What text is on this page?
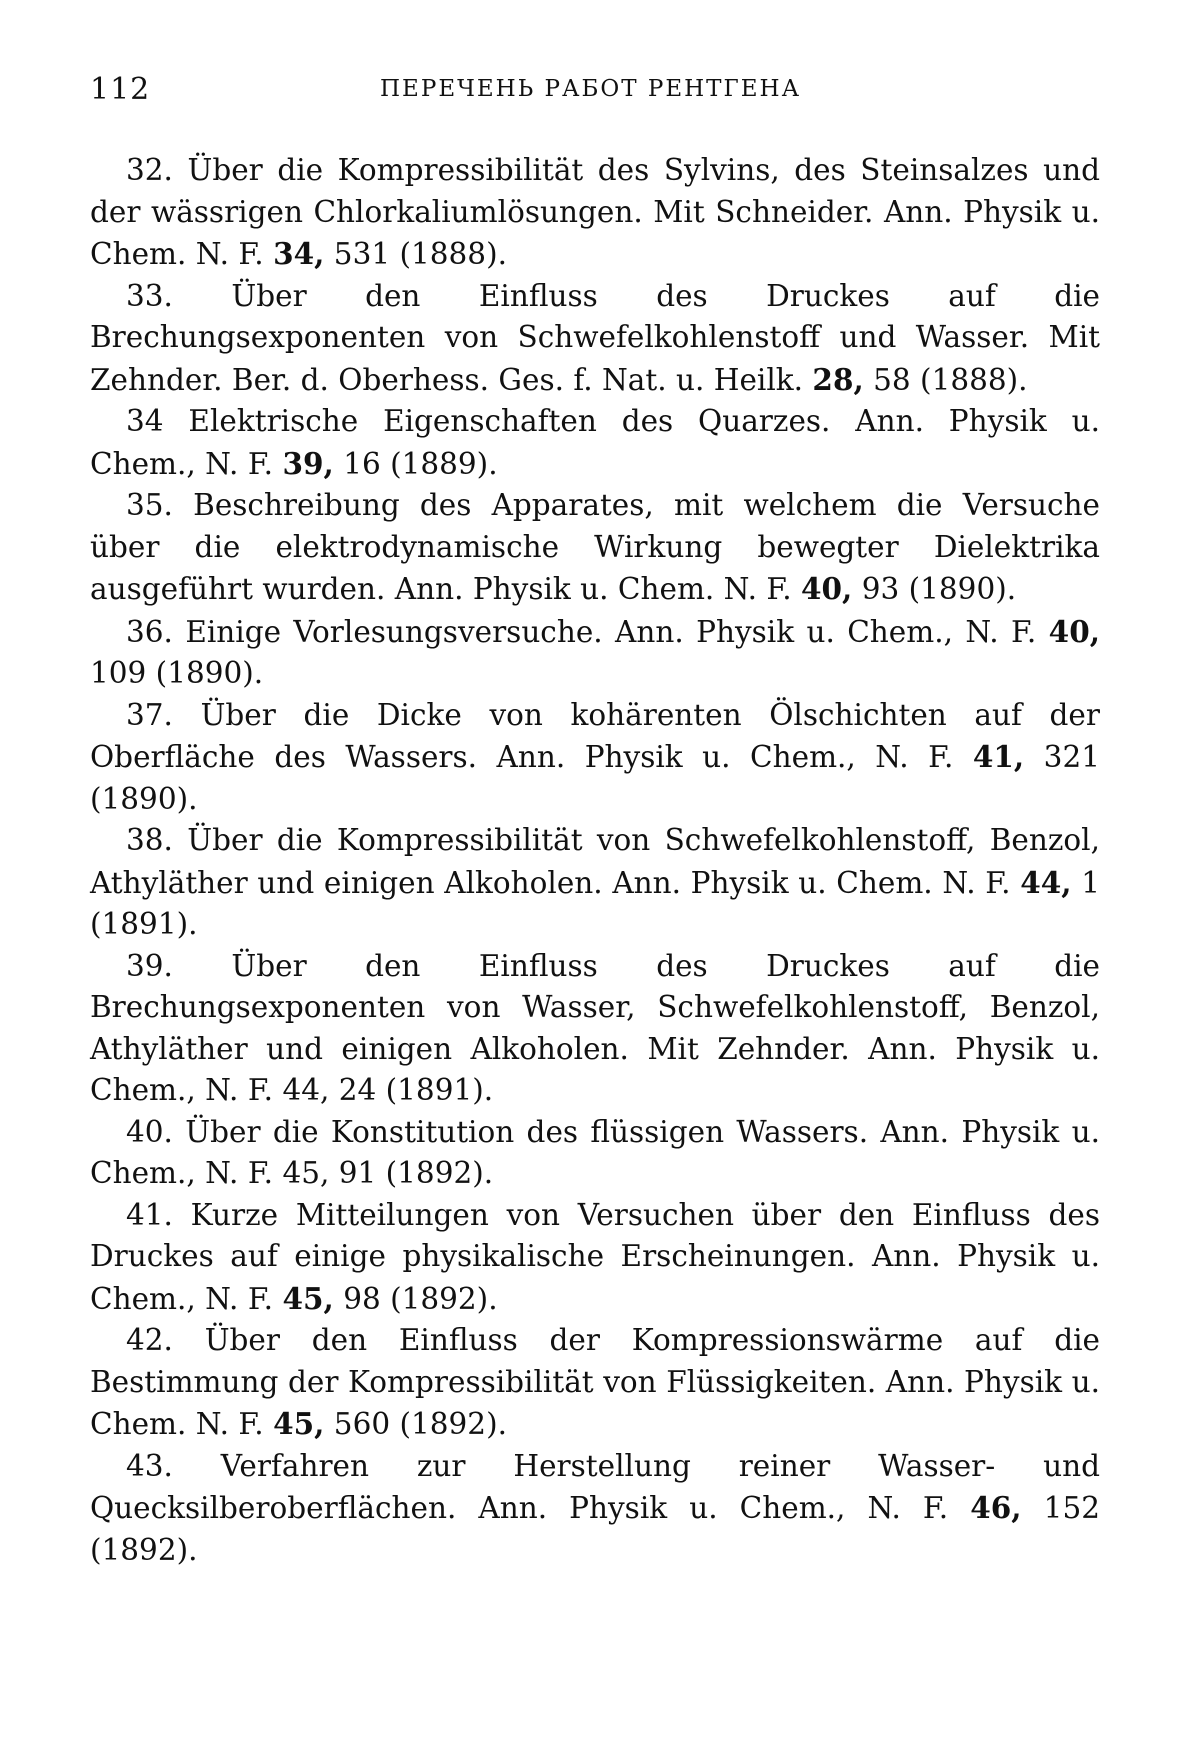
112	ПЕРЕЧЕНЬ РАБОТ РЕНТГЕНА

32. Über die Kompressibilität des Sylvins, des Steinsalzes und der wässrigen Chlorkaliumlösungen. Mit Schneider. Ann. Physik u. Chem. N. F. 34, 531 (1888).

33. Über den Einfluss des Druckes auf die Brechungsexponenten von Schwefelkohlenstoff und Wasser. Mit Zehnder. Ber. d. Oberhess. Ges. f. Nat. u. Heilk. 28, 58 (1888).

34 Elektrische Eigenschaften des Quarzes. Ann. Physik u. Chem., N. F. 39, 16 (1889).

35. Beschreibung des Apparates, mit welchem die Versuche über die elektrodynamische Wirkung bewegter Dielektrika ausgeführt wurden. Ann. Physik u. Chem. N. F. 40, 93 (1890).

36. Einige Vorlesungsversuche. Ann. Physik u. Chem., N. F. 40, 109 (1890).

37. Über die Dicke von kohärenten Ölschichten auf der Oberfläche des Wassers. Ann. Physik u. Chem., N. F. 41, 321 (1890).

38. Über die Kompressibilität von Schwefelkohlenstoff, Benzol, Athyläther und einigen Alkoholen. Ann. Physik u. Chem. N. F. 44, 1 (1891).

39. Über den Einfluss des Druckes auf die Brechungsexponenten von Wasser, Schwefelkohlenstoff, Benzol, Athyläther und einigen Alkoholen. Mit Zehnder. Ann. Physik u. Chem., N. F. 44, 24 (1891).

40. Über die Konstitution des flüssigen Wassers. Ann. Physik u. Chem., N. F. 45, 91 (1892).

41. Kurze Mitteilungen von Versuchen über den Einfluss des Druckes auf einige physikalische Erscheinungen. Ann. Physik u. Chem., N. F. 45, 98 (1892).

42. Über den Einfluss der Kompressionswärme auf die Bestimmung der Kompressibilität von Flüssigkeiten. Ann. Physik u. Chem. N. F. 45, 560 (1892).

43. Verfahren zur Herstellung reiner Wasser- und Quecksilberoberflächen. Ann. Physik u. Chem., N. F. 46, 152 (1892).
